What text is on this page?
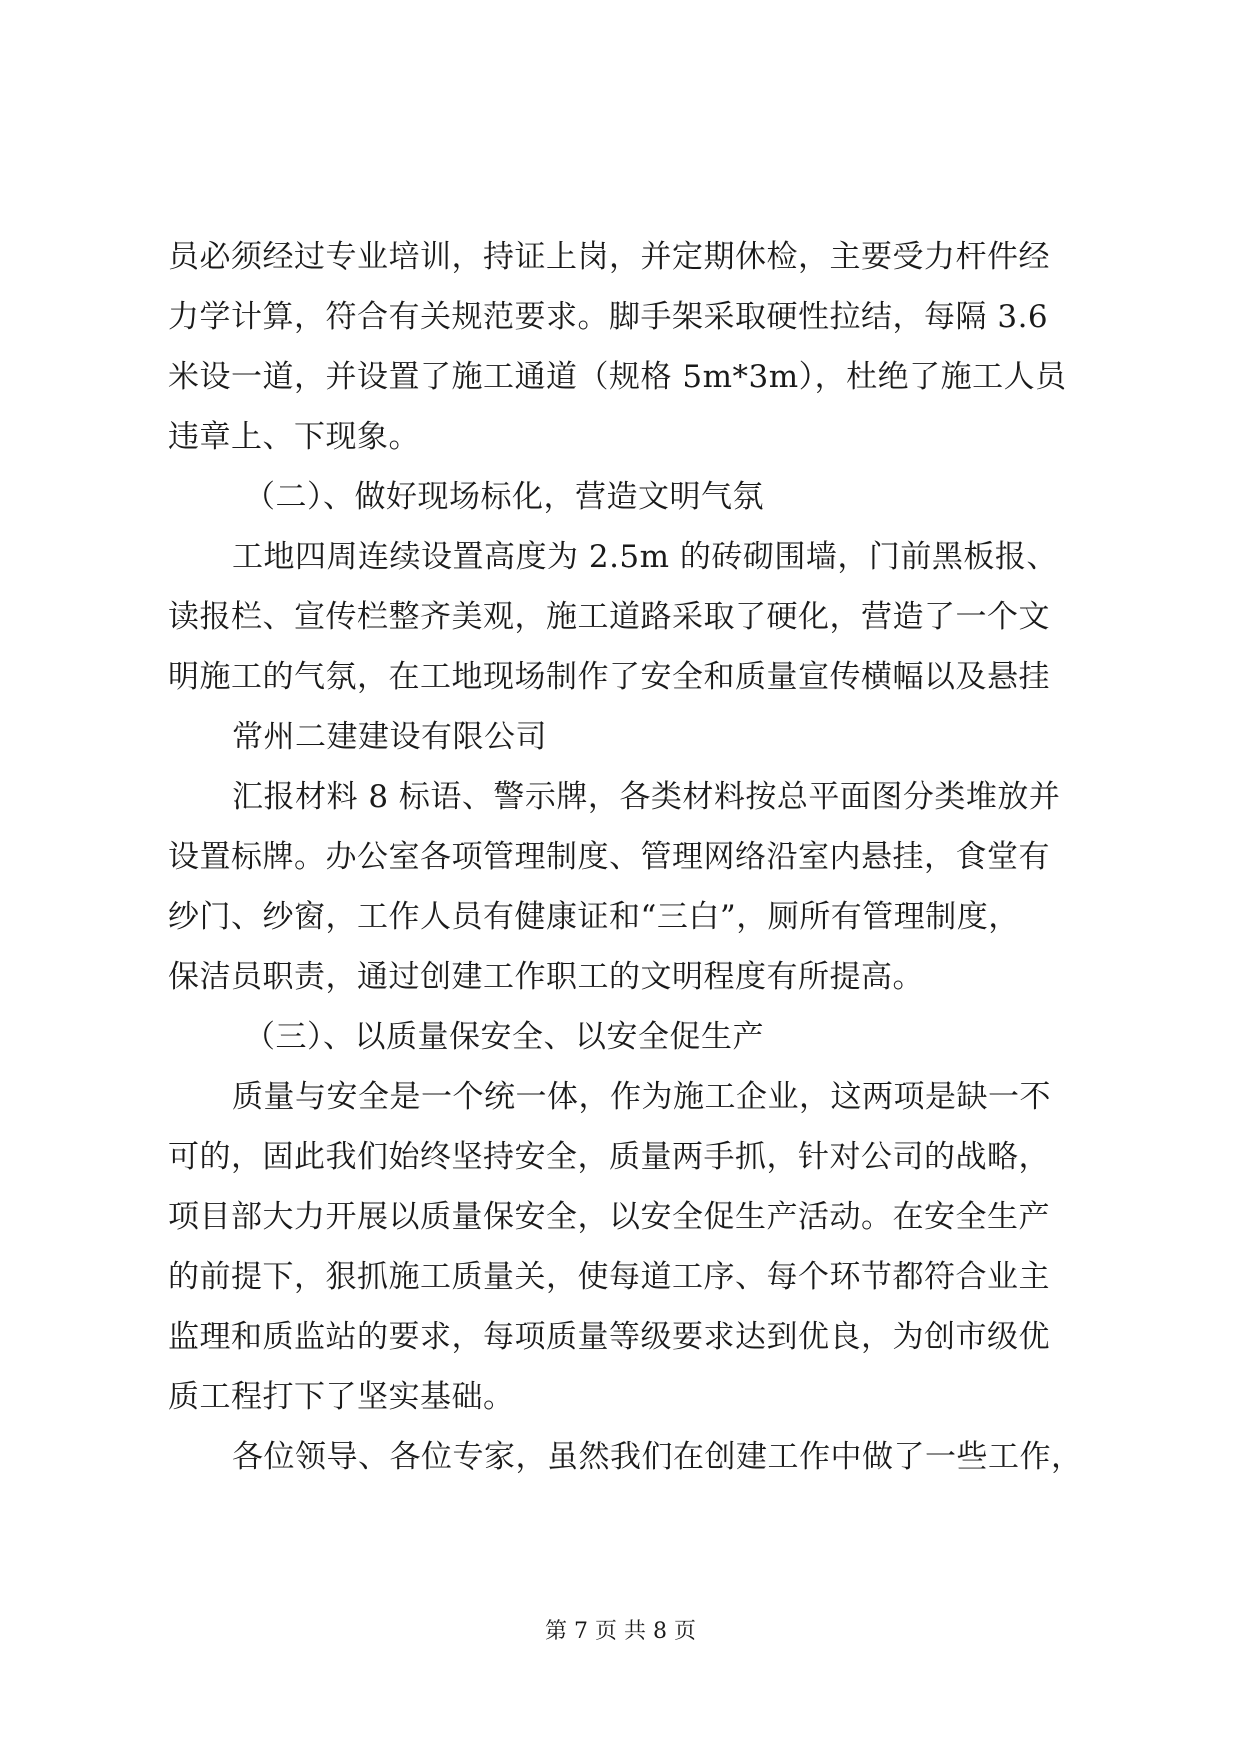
员必须经过专业培训，持证上岗，并定期休检，主要受力杆件经
力学计算，符合有关规范要求。脚手架采取硬性拉结，每隔 3.6
米设一道，并设置了施工通道（规格 5m*3m），杜绝了施工人员
违章上、下现象。
（二）、做好现场标化，营造文明气氛
工地四周连续设置高度为 2.5m 的砖砌围墙，门前黑板报、
读报栏、宣传栏整齐美观，施工道路采取了硬化，营造了一个文
明施工的气氛，在工地现场制作了安全和质量宣传横幅以及悬挂
常州二建建设有限公司
汇报材料 8 标语、警示牌，各类材料按总平面图分类堆放并
设置标牌。办公室各项管理制度、管理网络沿室内悬挂，食堂有
纱门、纱窗，工作人员有健康证和“三白”，厕所有管理制度，
保洁员职责，通过创建工作职工的文明程度有所提高。
（三）、以质量保安全、以安全促生产
质量与安全是一个统一体，作为施工企业，这两项是缺一不
可的，固此我们始终坚持安全，质量两手抓，针对公司的战略，
项目部大力开展以质量保安全，以安全促生产活动。在安全生产
的前提下，狠抓施工质量关，使每道工序、每个环节都符合业主
监理和质监站的要求，每项质量等级要求达到优良，为创市级优
质工程打下了坚实基础。
各位领导、各位专家，虽然我们在创建工作中做了一些工作，
第 7 页 共 8 页
